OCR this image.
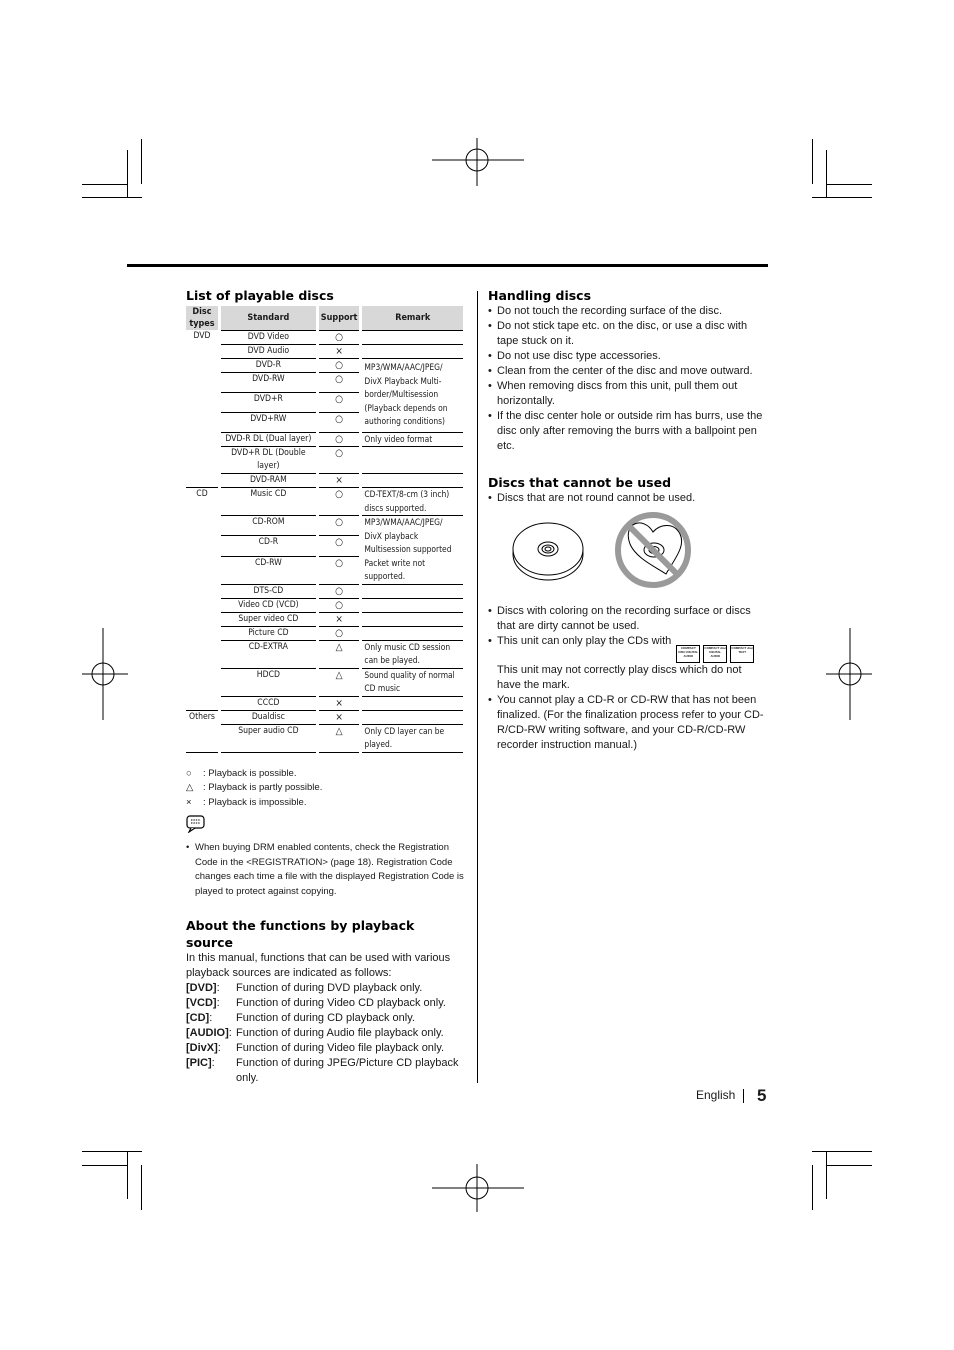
List of playable discs
Disc types	Standard	Support	Remark
DVD	DVD Video	○	
	DVD Audio	×	
	DVD-R	○	MP3/WMA/AAC/JPEG/ DivX Playback Multi-border/Multisession (Playback depends on authoring conditions)
	DVD-RW	○	
	DVD+R	○	
	DVD+RW	○	
	DVD-R DL (Dual layer)	○	Only video format
	DVD+R DL (Double layer)	○	
	DVD-RAM	×	
CD	Music CD	○	CD-TEXT/8-cm (3 inch) discs supported.
	CD-ROM	○	MP3/WMA/AAC/JPEG/ DivX playback Multisession supported Packet write not supported.
	CD-R	○	
	CD-RW	○	
	DTS-CD	○	
	Video CD (VCD)	○	
	Super video CD	×	
	Picture CD	○	
	CD-EXTRA	△	Only music CD session can be played.
	HDCD	△	Sound quality of normal CD music
	CCCD	×	
Others	Dualdisc	×	
	Super audio CD	△	Only CD layer can be played.
○	: Playback is possible.
△	: Playback is partly possible.
×	: Playback is impossible.
• When buying DRM enabled contents, check the Registration Code in the <REGISTRATION> (page 18). Registration Code changes each time a file with the displayed Registration Code is played to protect against copying.
About the functions by playback source

In this manual, functions that can be used with various playback sources are indicated as follows:

[DVD]:	Function of during DVD playback only.
[VCD]:	Function of during Video CD playback only.
[CD]:	Function of during CD playback only.
[AUDIO]: Function of during Audio file playback only.
[DivX]:	Function of during Video file playback only.
[PIC]:	Function of during JPEG/Picture CD playback only.
Handling discs
• Do not touch the recording surface of the disc.
• Do not stick tape etc. on the disc, or use a disc with tape stuck on it.
• Do not use disc type accessories.
• Clean from the center of the disc and move outward.
• When removing discs from this unit, pull them out horizontally.
• If the disc center hole or outside rim has burrs, use the disc only after removing the burrs with a ballpoint pen etc.
Discs that cannot be used
• Discs that are not round cannot be used.
• Discs with coloring on the recording surface or discs that are dirty cannot be used.
• This unit can only play the CDs with
COMPACT DISC DIGITAL AUDIO
COMPACT disc DIGITAL AUDIO
COMPACT disc TEXT
This unit may not correctly play discs which do not have the mark.
• You cannot play a CD-R or CD-RW that has not been finalized. (For the finalization process refer to your CD-R/CD-RW writing software, and your CD-R/CD-RW recorder instruction manual.)
English 5
